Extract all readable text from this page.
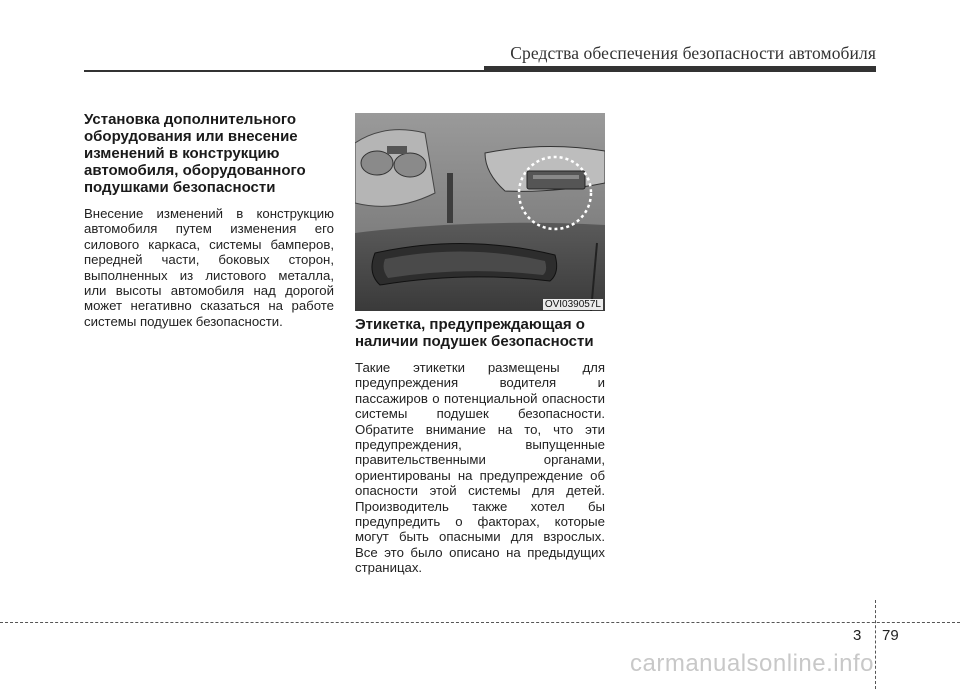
Средства обеспечения безопасности автомобиля
Установка дополнительного оборудования или внесение изменений в конструкцию автомобиля, оборудованного подушками безопасности

Внесение изменений в конструкцию автомобиля путем изменения его силового каркаса, системы бамперов, передней части, боковых сторон, выполненных из листового металла, или высоты автомобиля над дорогой может негативно сказаться на работе системы подушек безопасности.

OVI039057L
Этикетка, предупреждающая о наличии подушек безопасности

Такие этикетки размещены для предупреждения водителя и пассажиров о потенциальной опасности системы подушек безопасности. Обратите внимание на то, что эти предупреждения, выпущенные правительственными органами, ориентированы на предупреждение об опасности этой системы для детей. Производитель также хотел бы предупредить о факторах, которые могут быть опасными для взрослых. Все это было описано на предыдущих страницах.

3 79
carmanualsonline.info
